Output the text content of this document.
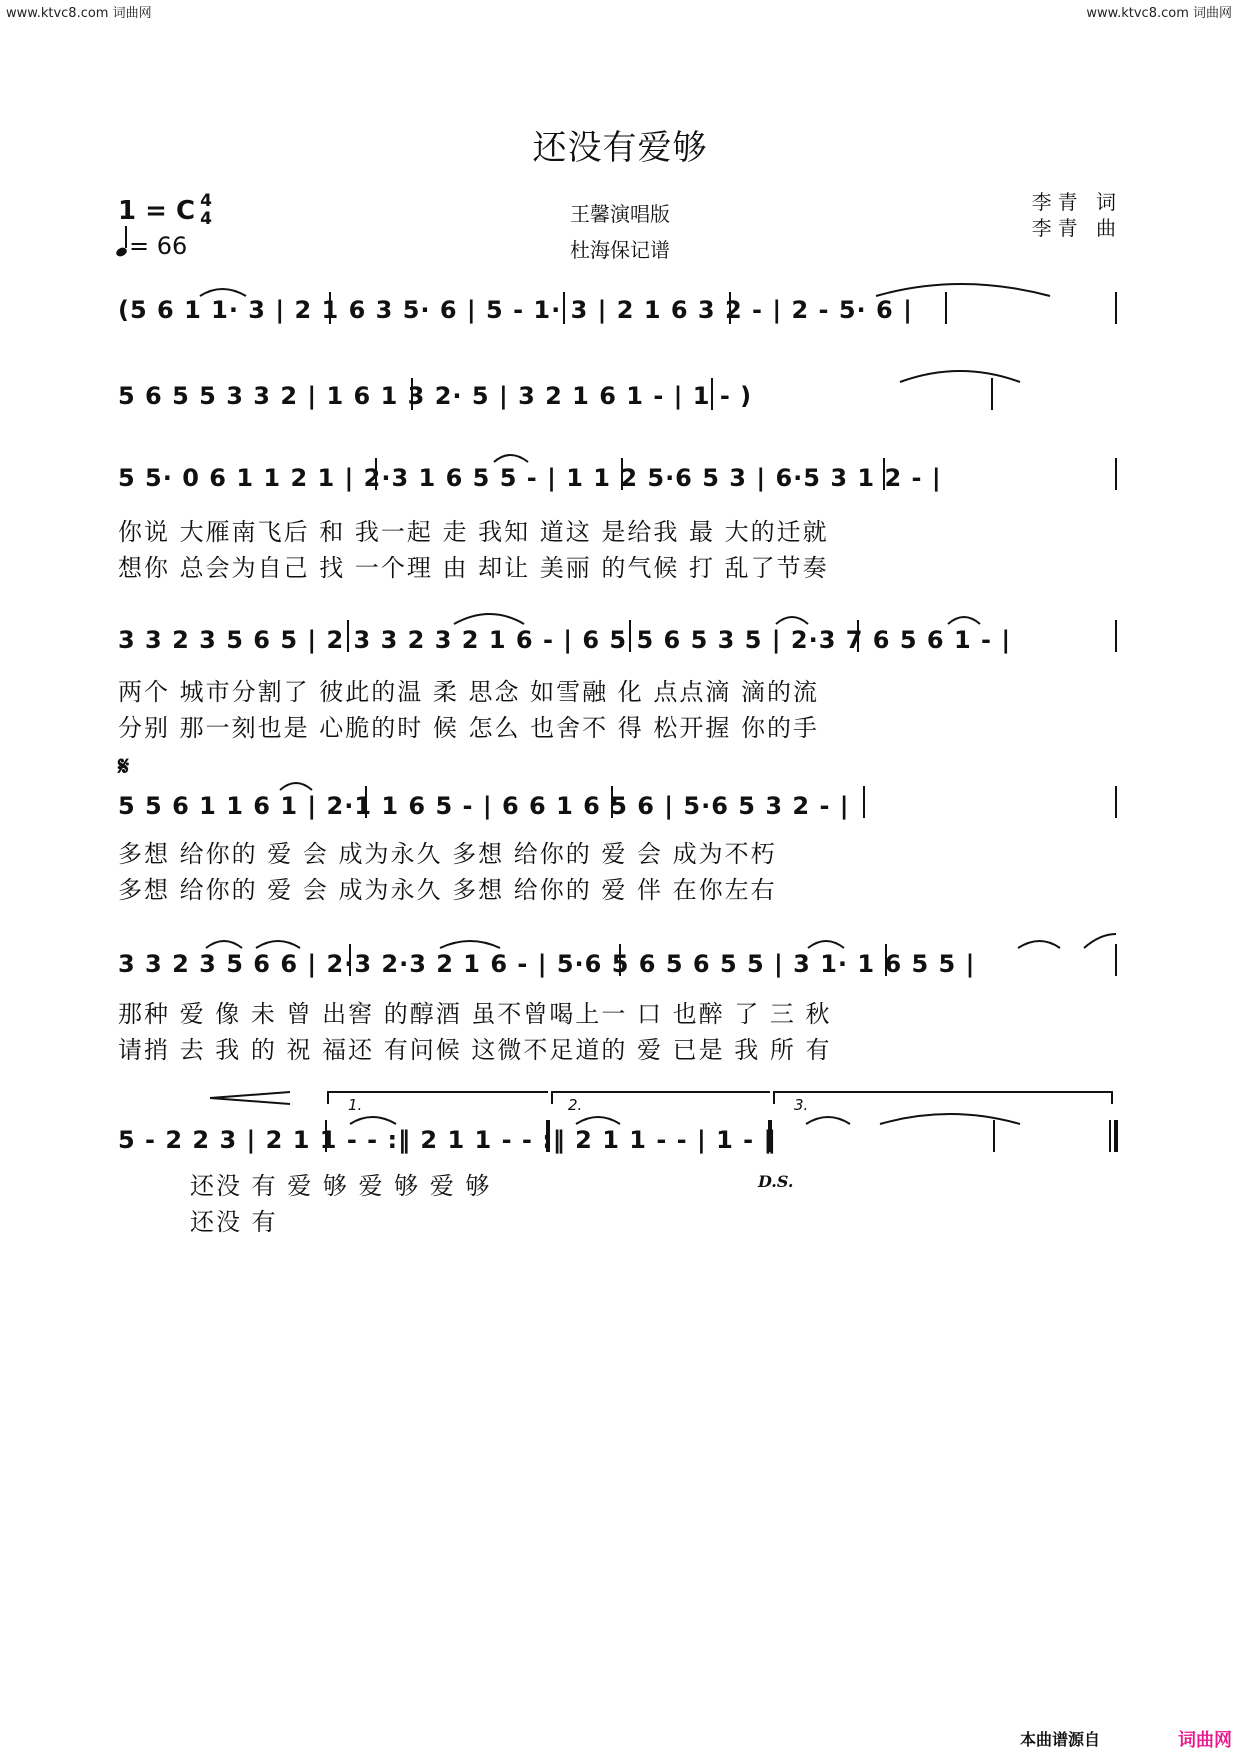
www.ktvc8.com 词曲网	www.ktvc8.com 词曲网
还没有爱够
1 = C 4
4
= 66
王馨演唱版
杜海保记谱
李青 词
李青 曲
(5 6 1 1· 3 | 2 1 6 3 5· 6 | 5 - 1· 3 | 2 1 6 3 2 - | 2 - 5· 6 |
5 6 5 5 3 3 2 | 1 6 1 3 2· 5 | 3 2 1 6 1 - | 1 - )
5 5· 0 6 1 1 2 1 | 2·3 1 6 5 5 - | 1 1 2 5·6 5 3 | 6·5 3 1 2 - |
你说 大雁南飞后 和 我一起 走 我知 道这 是给我 最 大的迁就
想你 总会为自己 找 一个理 由 却让 美丽 的气候 打 乱了节奏
3 3 2 3 5 6 5 | 2 3 3 2 3 2 1 6 - | 6 5 5 6 5 3 5 | 2·3 7 6 5 6 1 - |
两个 城市分割了 彼此的温 柔 思念 如雪融 化 点点滴 滴的流
分别 那一刻也是 心脆的时 候 怎么 也舍不 得 松开握 你的手
𝄋
5 5 6 1 1 6 1 | 2·1 1 6 5 - | 6 6 1 6 5 6 | 5·6 5 3 2 - |
多想 给你的 爱 会 成为永久 多想 给你的 爱 会 成为不朽
多想 给你的 爱 会 成为永久 多想 给你的 爱 伴 在你左右
3 3 2 3 5 6 6 | 2·3 2·3 2 1 6 - | 5·6 5 6 5 6 5 5 | 3 1· 1 6 5 5 |
那种 爱 像 未 曾 出窖 的醇酒 虽不曾喝上一 口 也醉 了 三 秋
请捎 去 我 的 祝 福还 有问候 这微不足道的 爱 已是 我 所 有
1.	2.	3.
5 - 2 2 3 | 2 1 1 - - :‖ 2 1 1 - - :‖ 2 1 1 - - | 1 - ‖
还没 有 爱 够 爱 够 爱 够	D.S.
还没 有
本曲谱源自	词曲网
